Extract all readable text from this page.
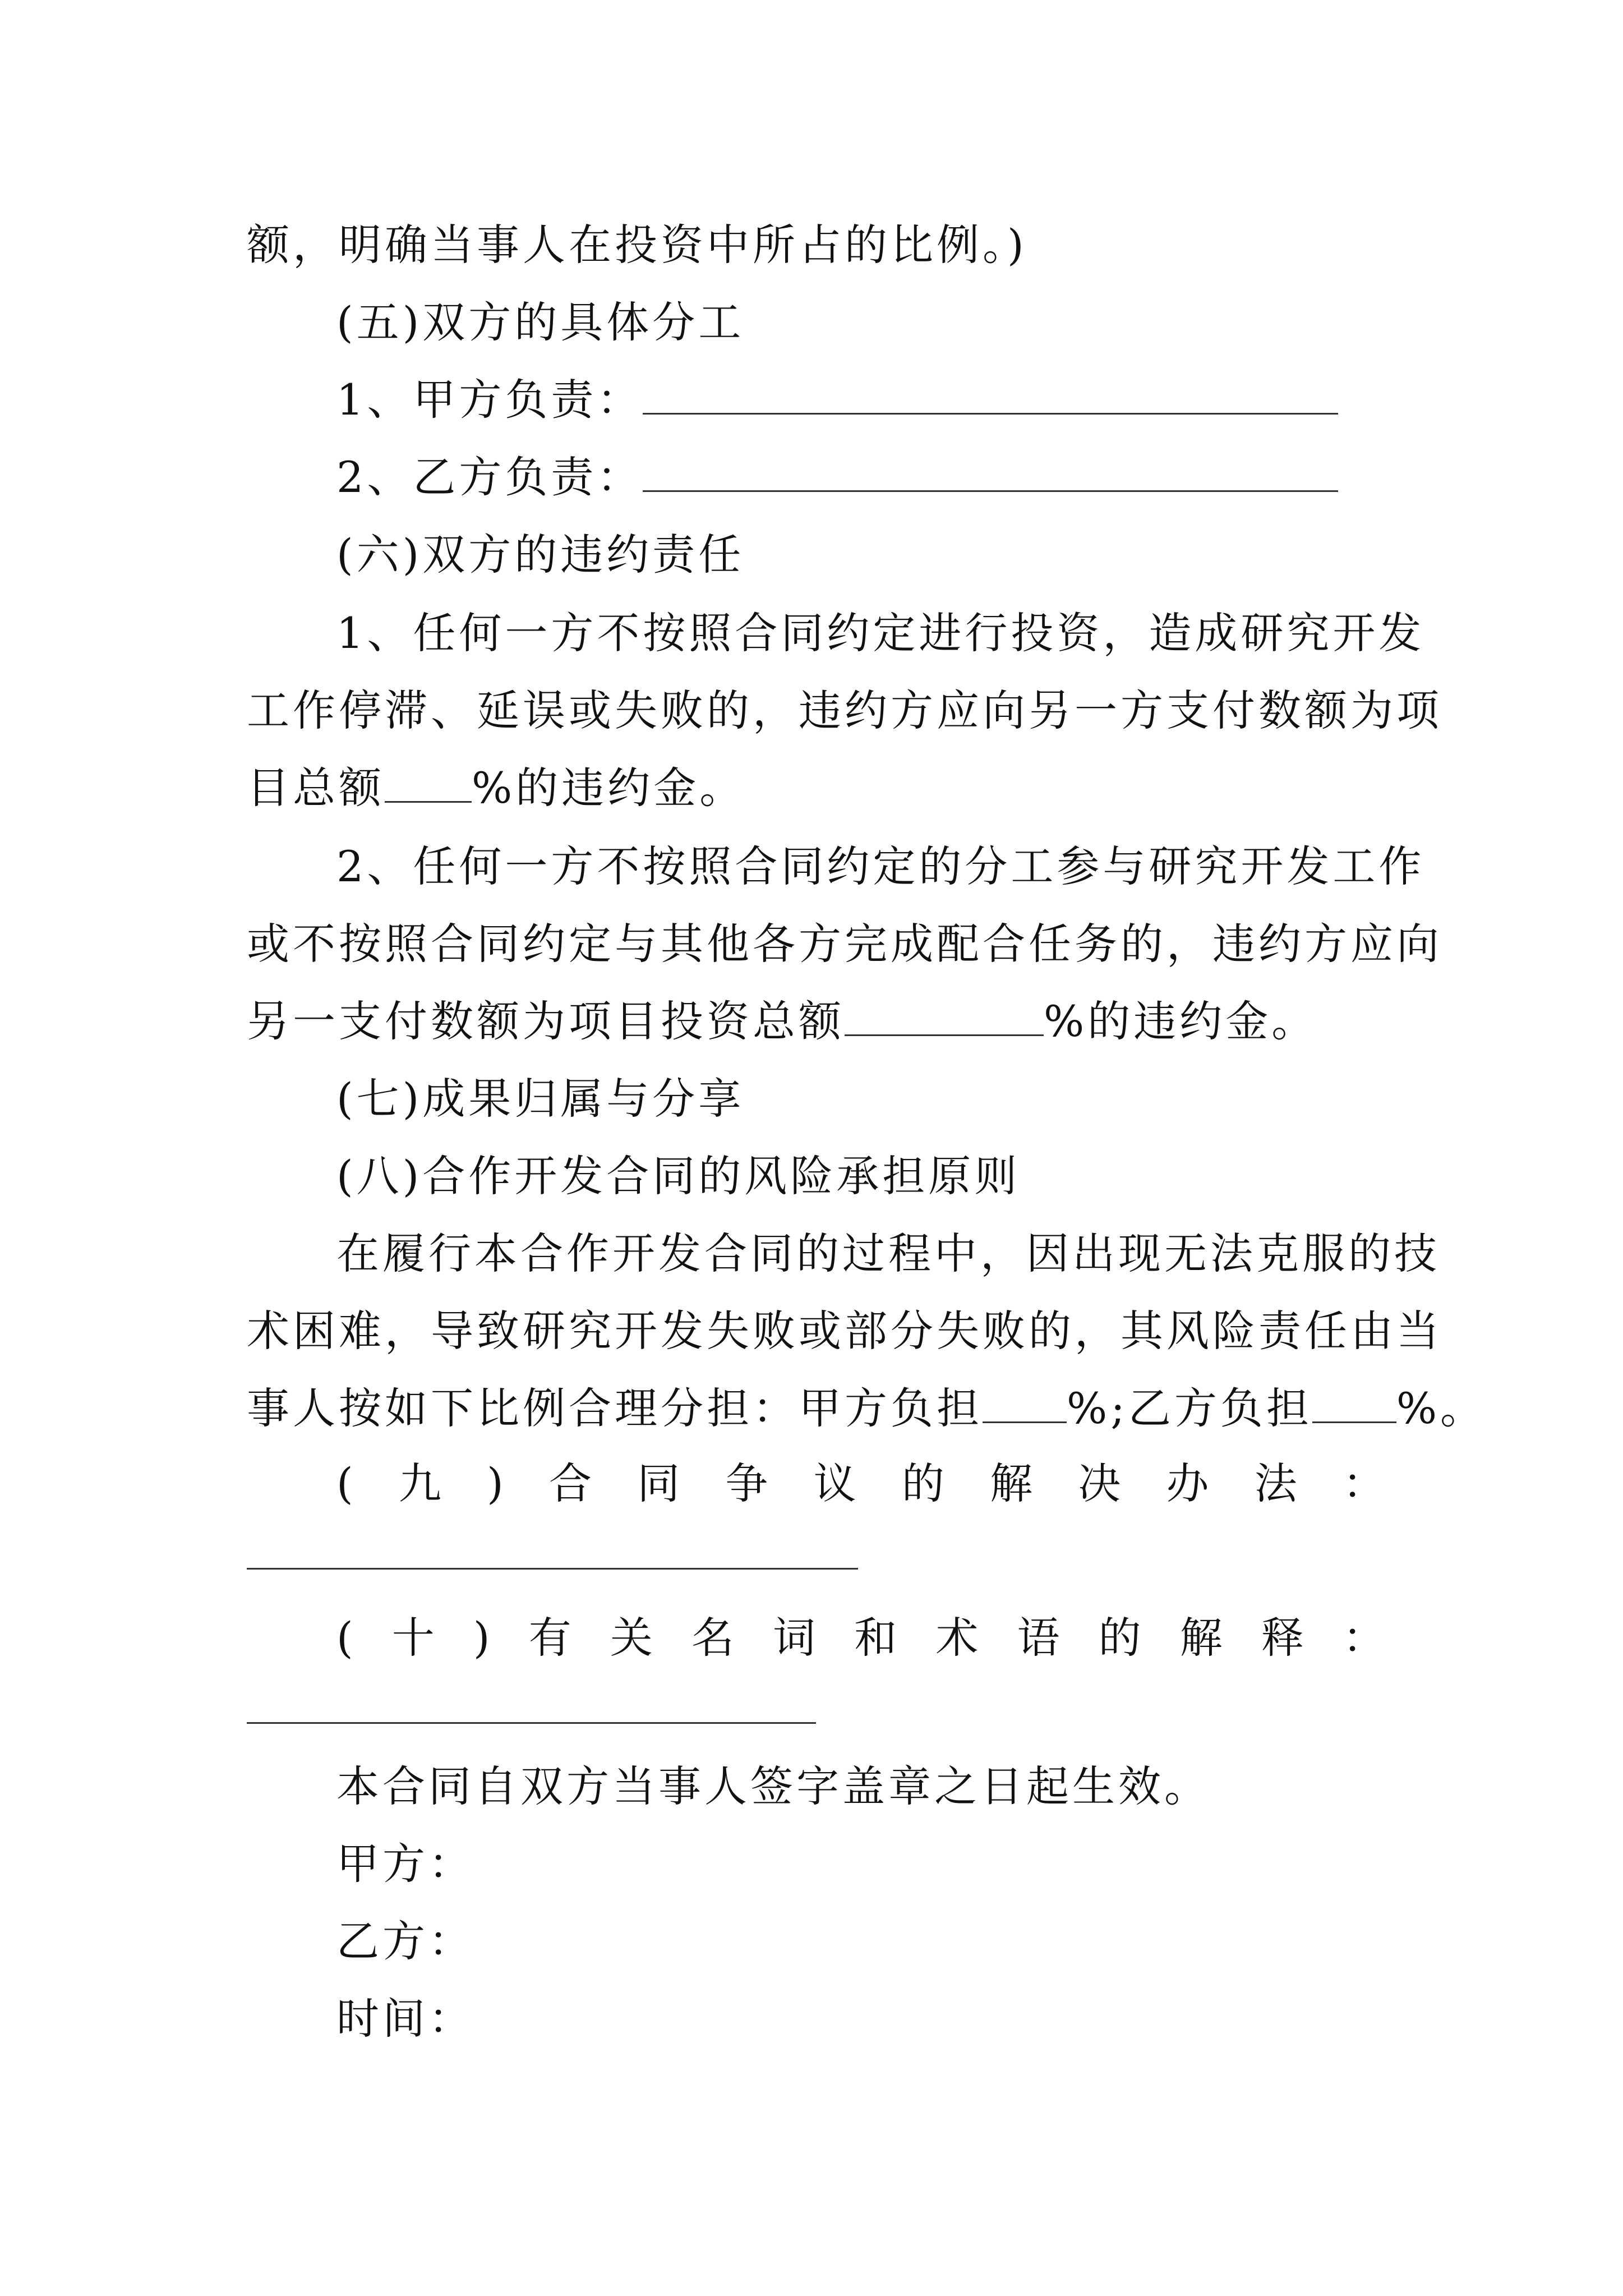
额，明确当事人在投资中所占的比例。)
(五)双方的具体分工
1、甲方负责：
2、乙方负责：
(六)双方的违约责任
1、任何一方不按照合同约定进行投资，造成研究开发
工作停滞、延误或失败的，违约方应向另一方支付数额为项
目总额 %的违约金。
2、任何一方不按照合同约定的分工参与研究开发工作
或不按照合同约定与其他各方完成配合任务的，违约方应向
另一支付数额为项目投资总额	%的违约金。
(七)成果归属与分享
(八)合作开发合同的风险承担原则
在履行本合作开发合同的过程中，因出现无法克服的技
术困难，导致研究开发失败或部分失败的，其风险责任由当
事人按如下比例合理分担：甲方负担 %;乙方负担 %。
( 九 ) 合 同 争 议 的 解 决 办 法 ：
( 十 ) 有 关 名 词 和 术 语 的 解 释 ：
本合同自双方当事人签字盖章之日起生效。
甲方：
乙方：
时间：
